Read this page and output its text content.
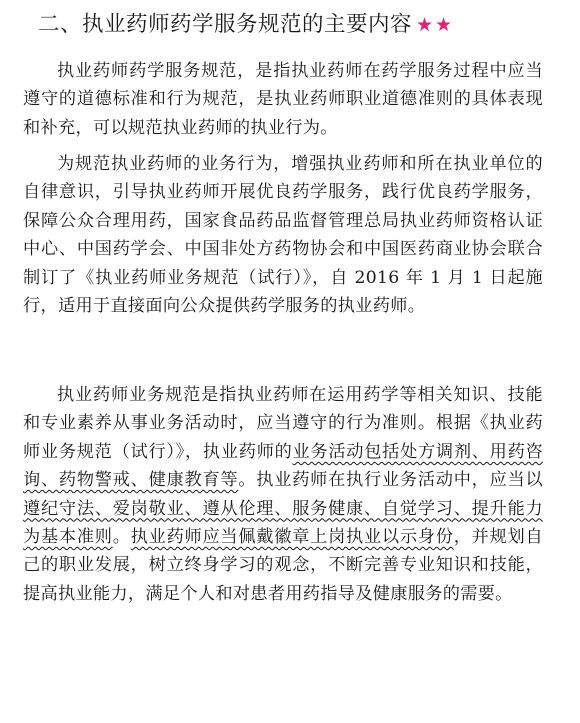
二、执业药师药学服务规范的主要内容 ★★

执业药师药学服务规范，是指执业药师在药学服务过程中应当遵守的道德标准和行为规范，是执业药师职业道德准则的具体表现和补充，可以规范执业药师的执业行为。

为规范执业药师的业务行为，增强执业药师和所在执业单位的自律意识，引导执业药师开展优良药学服务，践行优良药学服务，保障公众合理用药，国家食品药品监督管理总局执业药师资格认证中心、中国药学会、中国非处方药物协会和中国医药商业协会联合制订了《执业药师业务规范（试行）》，自 2016 年 1 月 1 日起施行，适用于直接面向公众提供药学服务的执业药师。

执业药师业务规范是指执业药师在运用药学等相关知识、技能和专业素养从事业务活动时，应当遵守的行为准则。根据《执业药师业务规范（试行）》，执业药师的业务活动包括处方调剂、用药咨询、药物警戒、健康教育等。执业药师在执行业务活动中，应当以遵纪守法、爱岗敬业、遵从伦理、服务健康、自觉学习、提升能力为基本准则。执业药师应当佩戴徽章上岗执业以示身份，并规划自己的职业发展，树立终身学习的观念，不断完善专业知识和技能，提高执业能力，满足个人和对患者用药指导及健康服务的需要。
